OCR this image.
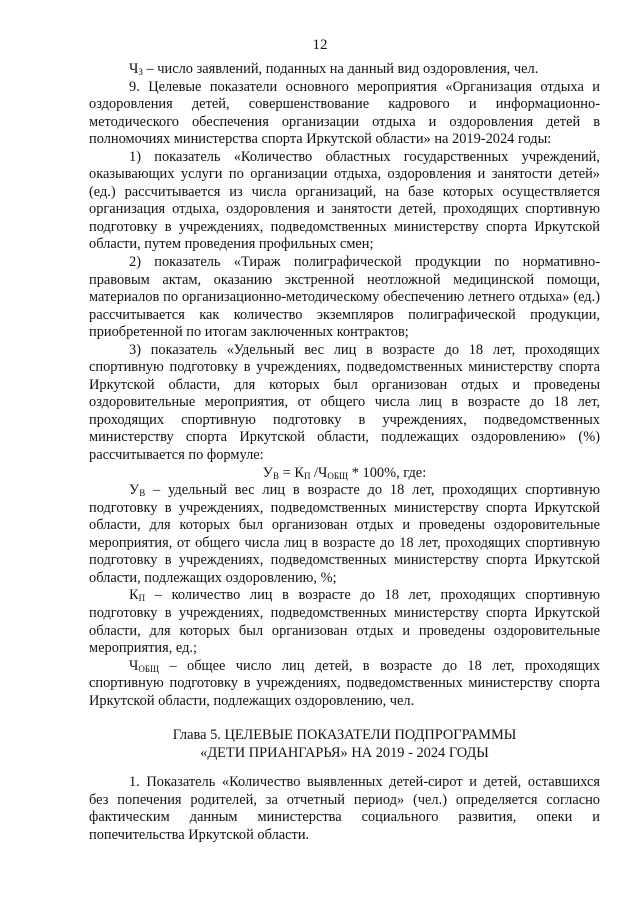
12

$Ч_З$ – число заявлений, поданных на данный вид оздоровления, чел.

9. Целевые показатели основного мероприятия «Организация отдыха и оздоровления детей, совершенствование кадрового и информационно-методического обеспечения организации отдыха и оздоровления детей в полномочиях министерства спорта Иркутской области» на 2019-2024 годы:

1) показатель «Количество областных государственных учреждений, оказывающих услуги по организации отдыха, оздоровления и занятости детей» (ед.) рассчитывается из числа организаций, на базе которых осуществляется организация отдыха, оздоровления и занятости детей, проходящих спортивную подготовку в учреждениях, подведомственных министерству спорта Иркутской области, путем проведения профильных смен;

2) показатель «Тираж полиграфической продукции по нормативно-правовым актам, оказанию экстренной неотложной медицинской помощи, материалов по организационно-методическому обеспечению летнего отдыха» (ед.) рассчитывается как количество экземпляров полиграфической продукции, приобретенной по итогам заключенных контрактов;

3) показатель «Удельный вес лиц в возрасте до 18 лет, проходящих спортивную подготовку в учреждениях, подведомственных министерству спорта Иркутской области, для которых был организован отдых и проведены оздоровительные мероприятия, от общего числа лиц в возрасте до 18 лет, проходящих спортивную подготовку в учреждениях, подведомственных министерству спорта Иркутской области, подлежащих оздоровлению» (%) рассчитывается по формуле:

$У_В = К_П$ $/Ч_{ОБЩ} * 100\%$, где:

$У_В$ – удельный вес лиц в возрасте до 18 лет, проходящих спортивную подготовку в учреждениях, подведомственных министерству спорта Иркутской области, для которых был организован отдых и проведены оздоровительные мероприятия, от общего числа лиц в возрасте до 18 лет, проходящих спортивную подготовку в учреждениях, подведомственных министерству спорта Иркутской области, подлежащих оздоровлению, %;

$К_П$ – количество лиц в возрасте до 18 лет, проходящих спортивную подготовку в учреждениях, подведомственных министерству спорта Иркутской области, для которых был организован отдых и проведены оздоровительные мероприятия, ед.;

$Ч_{ОБЩ}$ – общее число лиц детей, в возрасте до 18 лет, проходящих спортивную подготовку в учреждениях, подведомственных министерству спорта Иркутской области, подлежащих оздоровлению, чел.

Глава 5. ЦЕЛЕВЫЕ ПОКАЗАТЕЛИ ПОДПРОГРАММЫ
«ДЕТИ ПРИАНГАРЬЯ» НА 2019 - 2024 ГОДЫ

1. Показатель «Количество выявленных детей-сирот и детей, оставшихся без попечения родителей, за отчетный период» (чел.) определяется согласно фактическим данным министерства социального развития, опеки и попечительства Иркутской области.
